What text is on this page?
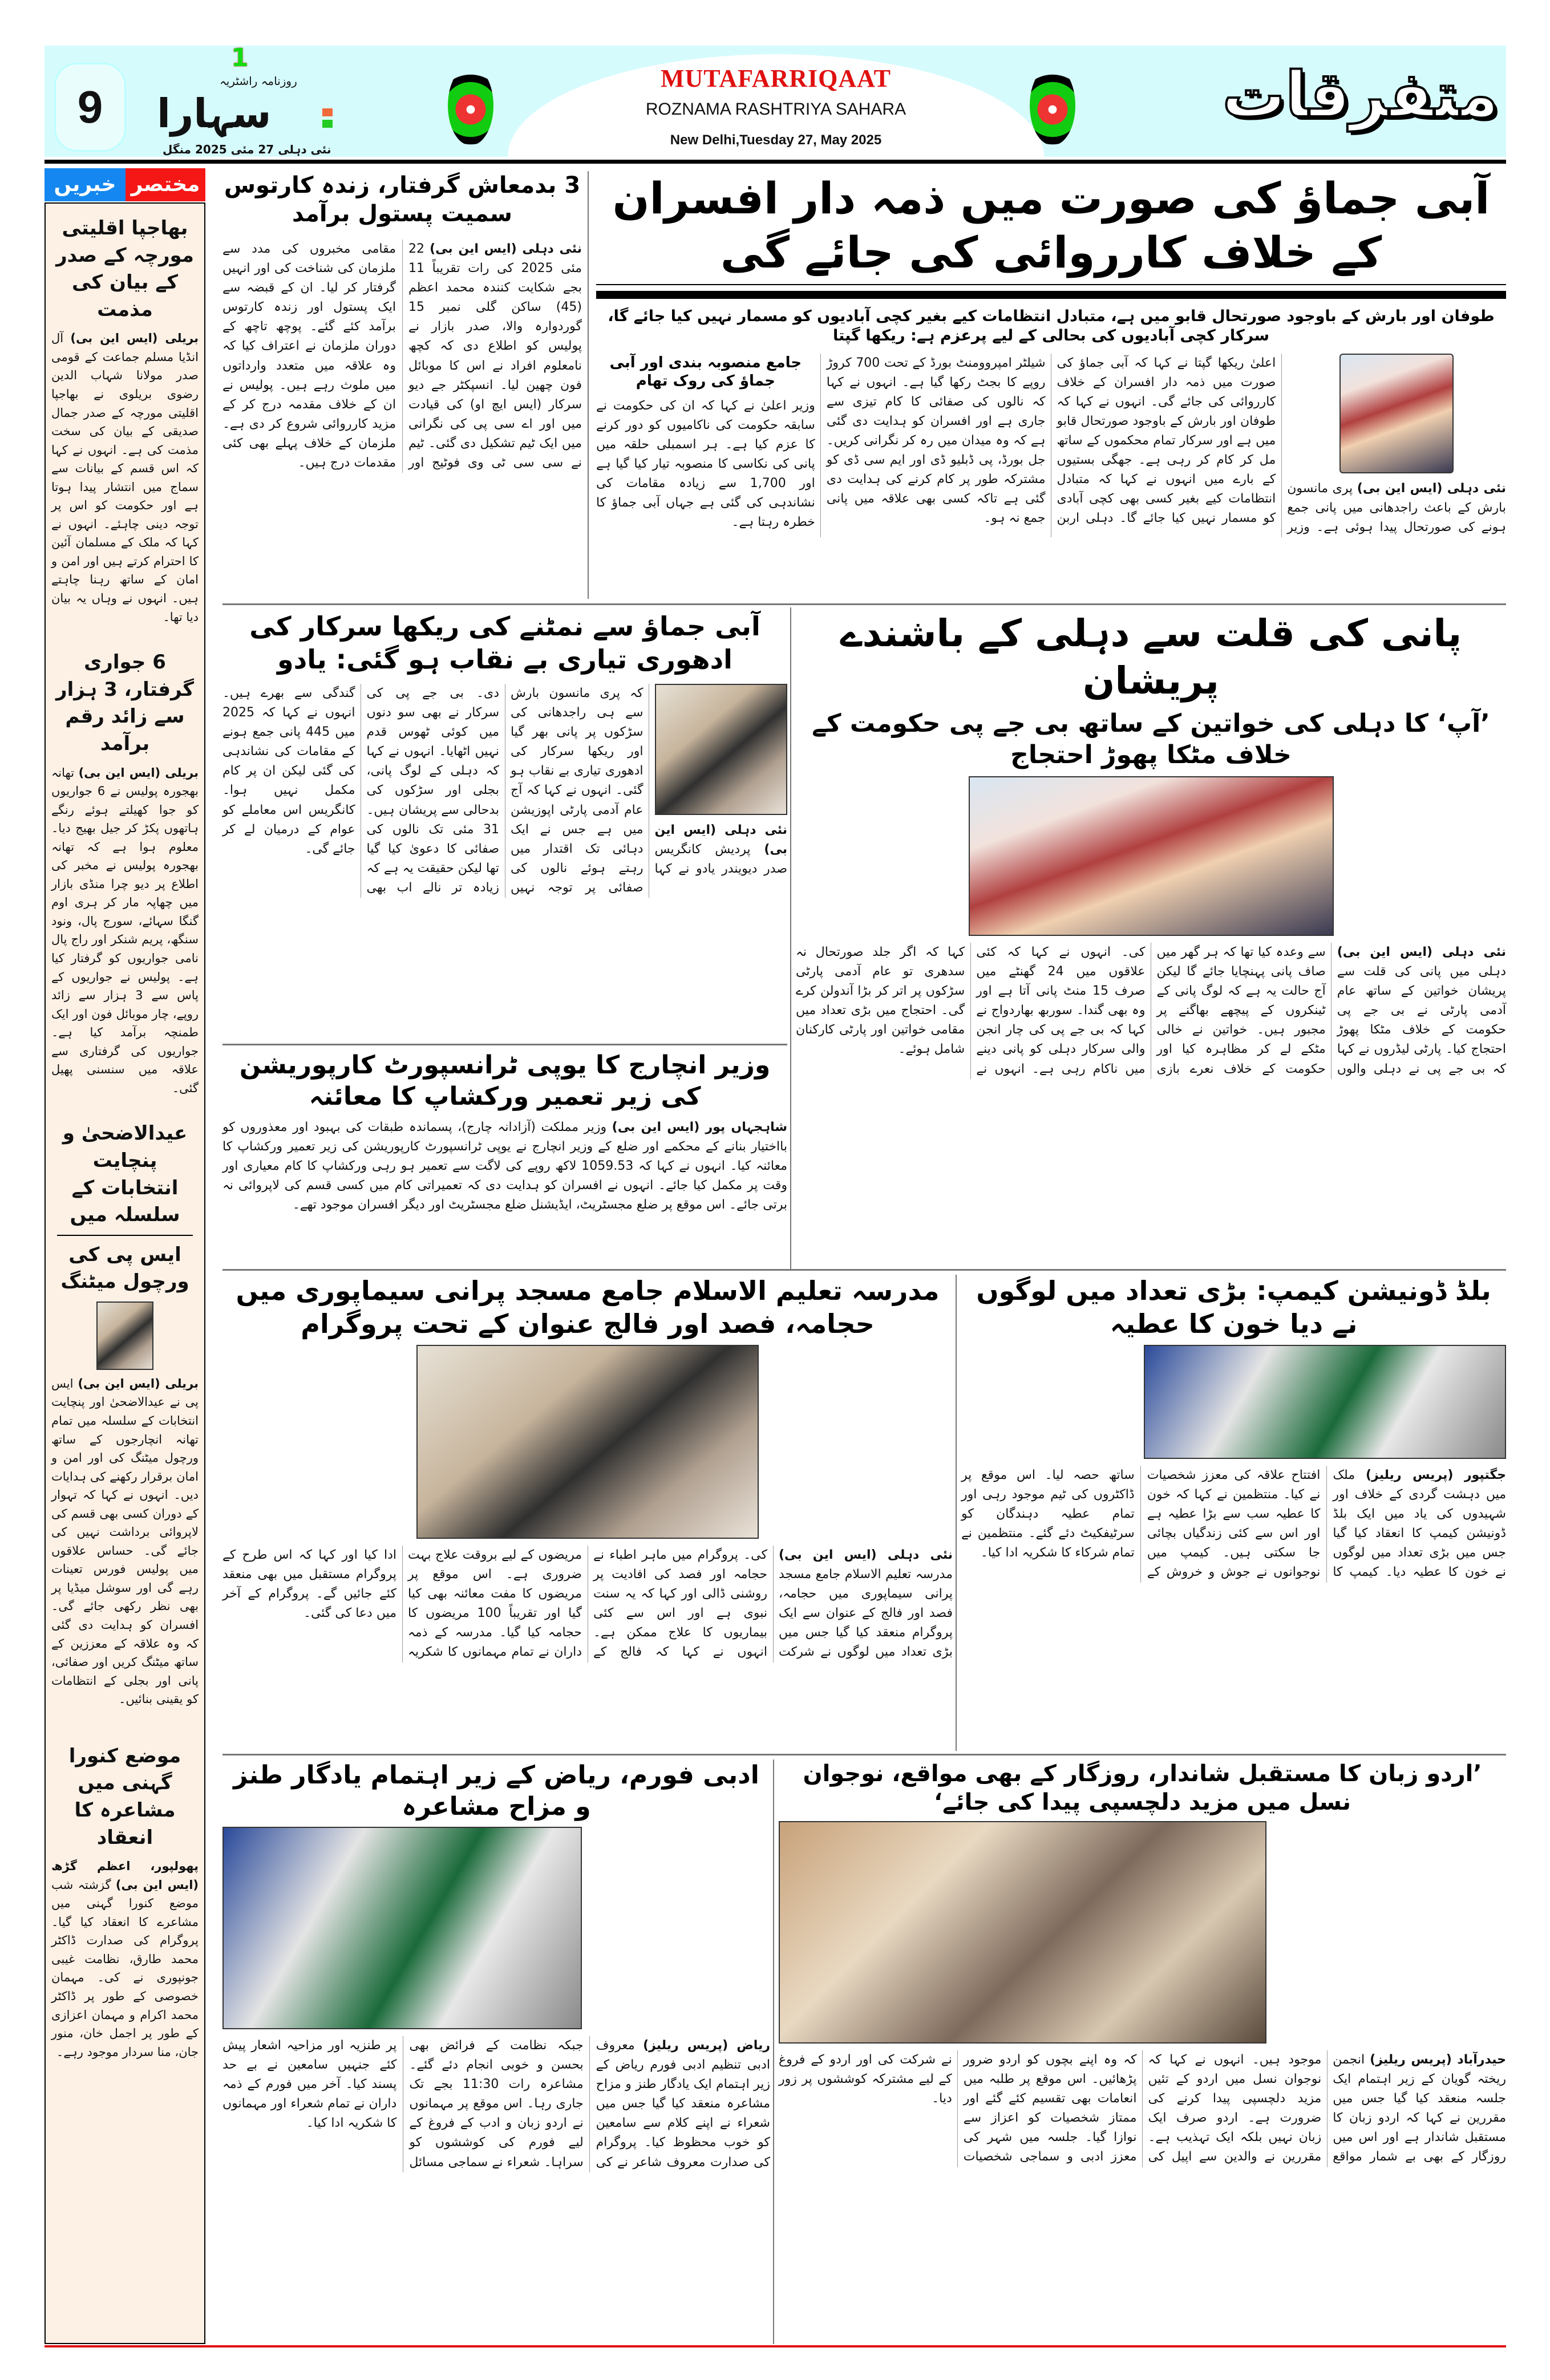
9
1
روزنامہ راشٹریہ
سہارا
نئی دہلی 27 مئی 2025 منگل
MUTAFARRIQAAT
ROZNAMA RASHTRIYA SAHARA
New Delhi,Tuesday 27, May 2025
متفرقات
مختصر
خبریں
بھاجپا اقلیتی مورچہ کے صدر کے بیان کی مذمت
بریلی (ایس این بی) آل انڈیا مسلم جماعت کے قومی صدر مولانا شہاب الدین رضوی بریلوی نے بھاجپا اقلیتی مورچہ کے صدر جمال صدیقی کے بیان کی سخت مذمت کی ہے۔ انہوں نے کہا کہ اس قسم کے بیانات سے سماج میں انتشار پیدا ہوتا ہے اور حکومت کو اس پر توجہ دینی چاہئے۔ انہوں نے کہا کہ ملک کے مسلمان آئین کا احترام کرتے ہیں اور امن و امان کے ساتھ رہنا چاہتے ہیں۔ انہوں نے وہاں یہ بیان دیا تھا۔
6 جواری گرفتار، 3 ہزار سے زائد رقم برآمد
بریلی (ایس این بی) تھانہ بھجورہ پولیس نے 6 جواریوں کو جوا کھیلتے ہوئے رنگے ہاتھوں پکڑ کر جیل بھیج دیا۔ معلوم ہوا ہے کہ تھانہ بھجورہ پولیس نے مخبر کی اطلاع پر دیو چرا منڈی بازار میں چھاپہ مار کر ہری اوم گنگا سہائے، سورج پال، ونود سنگھ، پریم شنکر اور راج پال نامی جواریوں کو گرفتار کیا ہے۔ پولیس نے جواریوں کے پاس سے 3 ہزار سے زائد روپے، چار موبائل فون اور ایک طمنچہ برآمد کیا ہے۔ جواریوں کی گرفتاری سے علاقہ میں سنسنی پھیل گئی۔
عیدالاضحیٰ و پنچایت انتخابات کے سلسلہ میں
ایس پی کی ورچول میٹنگ
بریلی (ایس این بی) ایس پی نے عیدالاضحیٰ اور پنچایت انتخابات کے سلسلہ میں تمام تھانہ انچارجوں کے ساتھ ورچول میٹنگ کی اور امن و امان برقرار رکھنے کی ہدایات دیں۔ انہوں نے کہا کہ تہوار کے دوران کسی بھی قسم کی لاپروائی برداشت نہیں کی جائے گی۔ حساس علاقوں میں پولیس فورس تعینات رہے گی اور سوشل میڈیا پر بھی نظر رکھی جائے گی۔ افسران کو ہدایت دی گئی کہ وہ علاقہ کے معززین کے ساتھ میٹنگ کریں اور صفائی، پانی اور بجلی کے انتظامات کو یقینی بنائیں۔
موضع کنورا گہنی میں مشاعرہ کا انعقاد
پھولپور، اعظم گڑھ (ایس این بی) گزشتہ شب موضع کنورا گہنی میں مشاعرے کا انعقاد کیا گیا۔ پروگرام کی صدارت ڈاکٹر محمد طارق، نظامت غیبی جونپوری نے کی۔ مہمان خصوصی کے طور پر ڈاکٹر محمد اکرام و مہمان اعزازی کے طور پر اجمل خان، منور جان، منا سردار موجود رہے۔
3 بدمعاش گرفتار، زندہ کارتوس سمیت پستول برآمد
نئی دہلی (ایس این بی) 22 مئی 2025 کی رات تقریباً 11 بجے شکایت کنندہ محمد اعظم (45) ساکن گلی نمبر 15 گوردوارہ والا، صدر بازار نے پولیس کو اطلاع دی کہ کچھ نامعلوم افراد نے اس کا موبائل فون چھین لیا۔ انسپکٹر جے دیو سرکار (ایس ایچ او) کی قیادت میں اور اے سی پی کی نگرانی میں ایک ٹیم تشکیل دی گئی۔ ٹیم نے سی سی ٹی وی فوٹیج اور مقامی مخبروں کی مدد سے ملزمان کی شناخت کی اور انہیں گرفتار کر لیا۔ ان کے قبضہ سے ایک پستول اور زندہ کارتوس برآمد کئے گئے۔ پوچھ تاچھ کے دوران ملزمان نے اعتراف کیا کہ وہ علاقہ میں متعدد وارداتوں میں ملوث رہے ہیں۔ پولیس نے ان کے خلاف مقدمہ درج کر کے مزید کارروائی شروع کر دی ہے۔ ملزمان کے خلاف پہلے بھی کئی مقدمات درج ہیں۔
آبی جماؤ کی صورت میں ذمہ دار افسران کے خلاف کارروائی کی جائے گی
طوفان اور بارش کے باوجود صورتحال قابو میں ہے، متبادل انتظامات کیے بغیر کچی آبادیوں کو مسمار نہیں کیا جائے گا، سرکار کچی آبادیوں کی بحالی کے لیے پرعزم ہے: ریکھا گپتا
نئی دہلی (ایس این بی) پری مانسون بارش کے باعث راجدھانی میں پانی جمع ہونے کی صورتحال پیدا ہوئی ہے۔ وزیر اعلیٰ ریکھا گپتا نے کہا کہ آبی جماؤ کی صورت میں ذمہ دار افسران کے خلاف کارروائی کی جائے گی۔ انہوں نے کہا کہ طوفان اور بارش کے باوجود صورتحال قابو میں ہے اور سرکار تمام محکموں کے ساتھ مل کر کام کر رہی ہے۔ جھگی بستیوں کے بارے میں انہوں نے کہا کہ متبادل انتظامات کیے بغیر کسی بھی کچی آبادی کو مسمار نہیں کیا جائے گا۔ دہلی اربن شیلٹر امپروومنٹ بورڈ کے تحت 700 کروڑ روپے کا بجٹ رکھا گیا ہے۔ انہوں نے کہا کہ نالوں کی صفائی کا کام تیزی سے جاری ہے اور افسران کو ہدایت دی گئی ہے کہ وہ میدان میں رہ کر نگرانی کریں۔ جل بورڈ، پی ڈبلیو ڈی اور ایم سی ڈی کو مشترکہ طور پر کام کرنے کی ہدایت دی گئی ہے تاکہ کسی بھی علاقہ میں پانی جمع نہ ہو۔
جامع منصوبہ بندی اور آبی جماؤ کی روک تھام
وزیر اعلیٰ نے کہا کہ ان کی حکومت نے سابقہ حکومت کی ناکامیوں کو دور کرنے کا عزم کیا ہے۔ ہر اسمبلی حلقہ میں پانی کی نکاسی کا منصوبہ تیار کیا گیا ہے اور 1,700 سے زیادہ مقامات کی نشاندہی کی گئی ہے جہاں آبی جماؤ کا خطرہ رہتا ہے۔
آبی جماؤ سے نمٹنے کی ریکھا سرکار کی ادھوری تیاری بے نقاب ہو گئی: یادو
نئی دہلی (ایس این بی) پردیش کانگریس صدر دیویندر یادو نے کہا کہ پری مانسون بارش سے ہی راجدھانی کی سڑکوں پر پانی بھر گیا اور ریکھا سرکار کی ادھوری تیاری بے نقاب ہو گئی۔ انہوں نے کہا کہ آج عام آدمی پارٹی اپوزیشن میں ہے جس نے ایک دہائی تک اقتدار میں رہتے ہوئے نالوں کی صفائی پر توجہ نہیں دی۔ بی جے پی کی سرکار نے بھی سو دنوں میں کوئی ٹھوس قدم نہیں اٹھایا۔ انہوں نے کہا کہ دہلی کے لوگ پانی، بجلی اور سڑکوں کی بدحالی سے پریشان ہیں۔ 31 مئی تک نالوں کی صفائی کا دعویٰ کیا گیا تھا لیکن حقیقت یہ ہے کہ زیادہ تر نالے اب بھی گندگی سے بھرے ہیں۔ انہوں نے کہا کہ 2025 میں 445 پانی جمع ہونے کے مقامات کی نشاندہی کی گئی لیکن ان پر کام مکمل نہیں ہوا۔ کانگریس اس معاملے کو عوام کے درمیان لے کر جائے گی۔
پانی کی قلت سے دہلی کے باشندے پریشان
’آپ‘ کا دہلی کی خواتین کے ساتھ بی جے پی حکومت کے خلاف مٹکا پھوڑ احتجاج
نئی دہلی (ایس این بی) دہلی میں پانی کی قلت سے پریشان خواتین کے ساتھ عام آدمی پارٹی نے بی جے پی حکومت کے خلاف مٹکا پھوڑ احتجاج کیا۔ پارٹی لیڈروں نے کہا کہ بی جے پی نے دہلی والوں سے وعدہ کیا تھا کہ ہر گھر میں صاف پانی پہنچایا جائے گا لیکن آج حالت یہ ہے کہ لوگ پانی کے ٹینکروں کے پیچھے بھاگنے پر مجبور ہیں۔ خواتین نے خالی مٹکے لے کر مظاہرہ کیا اور حکومت کے خلاف نعرے بازی کی۔ انہوں نے کہا کہ کئی علاقوں میں 24 گھنٹے میں صرف 15 منٹ پانی آتا ہے اور وہ بھی گندا۔ سوربھ بھاردواج نے کہا کہ بی جے پی کی چار انجن والی سرکار دہلی کو پانی دینے میں ناکام رہی ہے۔ انہوں نے کہا کہ اگر جلد صورتحال نہ سدھری تو عام آدمی پارٹی سڑکوں پر اتر کر بڑا آندولن کرے گی۔ احتجاج میں بڑی تعداد میں مقامی خواتین اور پارٹی کارکنان شامل ہوئے۔
وزیر انچارج کا یوپی ٹرانسپورٹ کارپوریشن کی زیر تعمیر ورکشاپ کا معائنہ
شاہجہاں پور (ایس این بی) وزیر مملکت (آزادانہ چارج)، پسماندہ طبقات کی بہبود اور معذوروں کو بااختیار بنانے کے محکمے اور ضلع کے وزیر انچارج نے یوپی ٹرانسپورٹ کارپوریشن کی زیر تعمیر ورکشاپ کا معائنہ کیا۔ انہوں نے کہا کہ 1059.53 لاکھ روپے کی لاگت سے تعمیر ہو رہی ورکشاپ کا کام معیاری اور وقت پر مکمل کیا جائے۔ انہوں نے افسران کو ہدایت دی کہ تعمیراتی کام میں کسی قسم کی لاپروائی نہ برتی جائے۔ اس موقع پر ضلع مجسٹریٹ، ایڈیشنل ضلع مجسٹریٹ اور دیگر افسران موجود تھے۔
مدرسہ تعلیم الاسلام جامع مسجد پرانی سیماپوری میں حجامہ، فصد اور فالج عنوان کے تحت پروگرام
نئی دہلی (ایس این بی) مدرسہ تعلیم الاسلام جامع مسجد پرانی سیماپوری میں حجامہ، فصد اور فالج کے عنوان سے ایک پروگرام منعقد کیا گیا جس میں بڑی تعداد میں لوگوں نے شرکت کی۔ پروگرام میں ماہر اطباء نے حجامہ اور فصد کی افادیت پر روشنی ڈالی اور کہا کہ یہ سنت نبوی ہے اور اس سے کئی بیماریوں کا علاج ممکن ہے۔ انہوں نے کہا کہ فالج کے مریضوں کے لیے بروقت علاج بہت ضروری ہے۔ اس موقع پر مریضوں کا مفت معائنہ بھی کیا گیا اور تقریباً 100 مریضوں کا حجامہ کیا گیا۔ مدرسہ کے ذمہ داران نے تمام مہمانوں کا شکریہ ادا کیا اور کہا کہ اس طرح کے پروگرام مستقبل میں بھی منعقد کئے جائیں گے۔ پروگرام کے آخر میں دعا کی گئی۔
بلڈ ڈونیشن کیمپ: بڑی تعداد میں لوگوں نے دیا خون کا عطیہ
جگتپور (پریس ریلیز) ملک میں دہشت گردی کے خلاف اور شہیدوں کی یاد میں ایک بلڈ ڈونیشن کیمپ کا انعقاد کیا گیا جس میں بڑی تعداد میں لوگوں نے خون کا عطیہ دیا۔ کیمپ کا افتتاح علاقہ کی معزز شخصیات نے کیا۔ منتظمین نے کہا کہ خون کا عطیہ سب سے بڑا عطیہ ہے اور اس سے کئی زندگیاں بچائی جا سکتی ہیں۔ کیمپ میں نوجوانوں نے جوش و خروش کے ساتھ حصہ لیا۔ اس موقع پر ڈاکٹروں کی ٹیم موجود رہی اور تمام عطیہ دہندگان کو سرٹیفکیٹ دئے گئے۔ منتظمین نے تمام شرکاء کا شکریہ ادا کیا۔
ادبی فورم، ریاض کے زیر اہتمام یادگار طنز و مزاح مشاعرہ
ریاض (پریس ریلیز) معروف ادبی تنظیم ادبی فورم ریاض کے زیر اہتمام ایک یادگار طنز و مزاح مشاعرہ منعقد کیا گیا جس میں شعراء نے اپنے کلام سے سامعین کو خوب محظوظ کیا۔ پروگرام کی صدارت معروف شاعر نے کی جبکہ نظامت کے فرائض بھی بحسن و خوبی انجام دئے گئے۔ مشاعرہ رات 11:30 بجے تک جاری رہا۔ اس موقع پر مہمانوں نے اردو زبان و ادب کے فروغ کے لیے فورم کی کوششوں کو سراہا۔ شعراء نے سماجی مسائل پر طنزیہ اور مزاحیہ اشعار پیش کئے جنہیں سامعین نے بے حد پسند کیا۔ آخر میں فورم کے ذمہ داران نے تمام شعراء اور مہمانوں کا شکریہ ادا کیا۔
’اردو زبان کا مستقبل شاندار، روزگار کے بھی مواقع، نوجوان نسل میں مزید دلچسپی پیدا کی جائے‘
حیدرآباد (پریس ریلیز) انجمن ریختہ گویان کے زیر اہتمام ایک جلسہ منعقد کیا گیا جس میں مقررین نے کہا کہ اردو زبان کا مستقبل شاندار ہے اور اس میں روزگار کے بھی بے شمار مواقع موجود ہیں۔ انہوں نے کہا کہ نوجوان نسل میں اردو کے تئیں مزید دلچسپی پیدا کرنے کی ضرورت ہے۔ اردو صرف ایک زبان نہیں بلکہ ایک تہذیب ہے۔ مقررین نے والدین سے اپیل کی کہ وہ اپنے بچوں کو اردو ضرور پڑھائیں۔ اس موقع پر طلبہ میں انعامات بھی تقسیم کئے گئے اور ممتاز شخصیات کو اعزاز سے نوازا گیا۔ جلسہ میں شہر کی معزز ادبی و سماجی شخصیات نے شرکت کی اور اردو کے فروغ کے لیے مشترکہ کوششوں پر زور دیا۔
